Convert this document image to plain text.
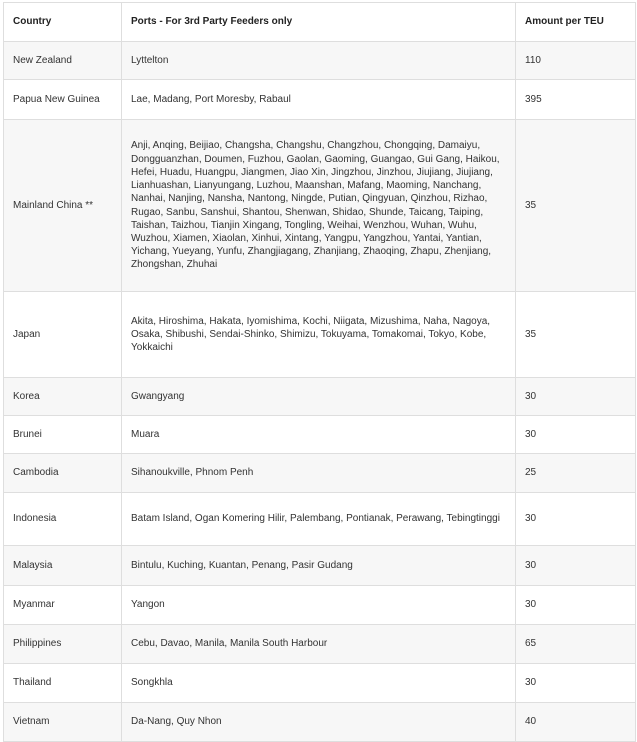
Country	Ports - For 3rd Party Feeders only	Amount per TEU
New Zealand	Lyttelton	110
Papua New Guinea	Lae, Madang, Port Moresby, Rabaul	395
Mainland China **	Anji, Anqing, Beijiao, Changsha, Changshu, Changzhou, Chongqing, Damaiyu, Dongguanzhan, Doumen, Fuzhou, Gaolan, Gaoming, Guangao, Gui Gang, Haikou, Hefei, Huadu, Huangpu, Jiangmen, Jiao Xin, Jingzhou, Jinzhou, Jiujiang, Jiujiang, Lianhuashan, Lianyungang, Luzhou, Maanshan, Mafang, Maoming, Nanchang, Nanhai, Nanjing, Nansha, Nantong, Ningde, Putian, Qingyuan, Qinzhou, Rizhao, Rugao, Sanbu, Sanshui, Shantou, Shenwan, Shidao, Shunde, Taicang, Taiping, Taishan, Taizhou, Tianjin Xingang, Tongling, Weihai, Wenzhou, Wuhan, Wuhu, Wuzhou, Xiamen, Xiaolan, Xinhui, Xintang, Yangpu, Yangzhou, Yantai, Yantian, Yichang, Yueyang, Yunfu, Zhangjiagang, Zhanjiang, Zhaoqing, Zhapu, Zhenjiang, Zhongshan, Zhuhai	35
Japan	Akita, Hiroshima, Hakata, Iyomishima, Kochi, Niigata, Mizushima, Naha, Nagoya, Osaka, Shibushi, Sendai-Shinko, Shimizu, Tokuyama, Tomakomai, Tokyo, Kobe, Yokkaichi	35
Korea	Gwangyang	30
Brunei	Muara	30
Cambodia	Sihanoukville, Phnom Penh	25
Indonesia	Batam Island, Ogan Komering Hilir, Palembang, Pontianak, Perawang, Tebingtinggi	30
Malaysia	Bintulu, Kuching, Kuantan, Penang, Pasir Gudang	30
Myanmar	Yangon	30
Philippines	Cebu, Davao, Manila, Manila South Harbour	65
Thailand	Songkhla	30
Vietnam	Da-Nang, Quy Nhon	40
